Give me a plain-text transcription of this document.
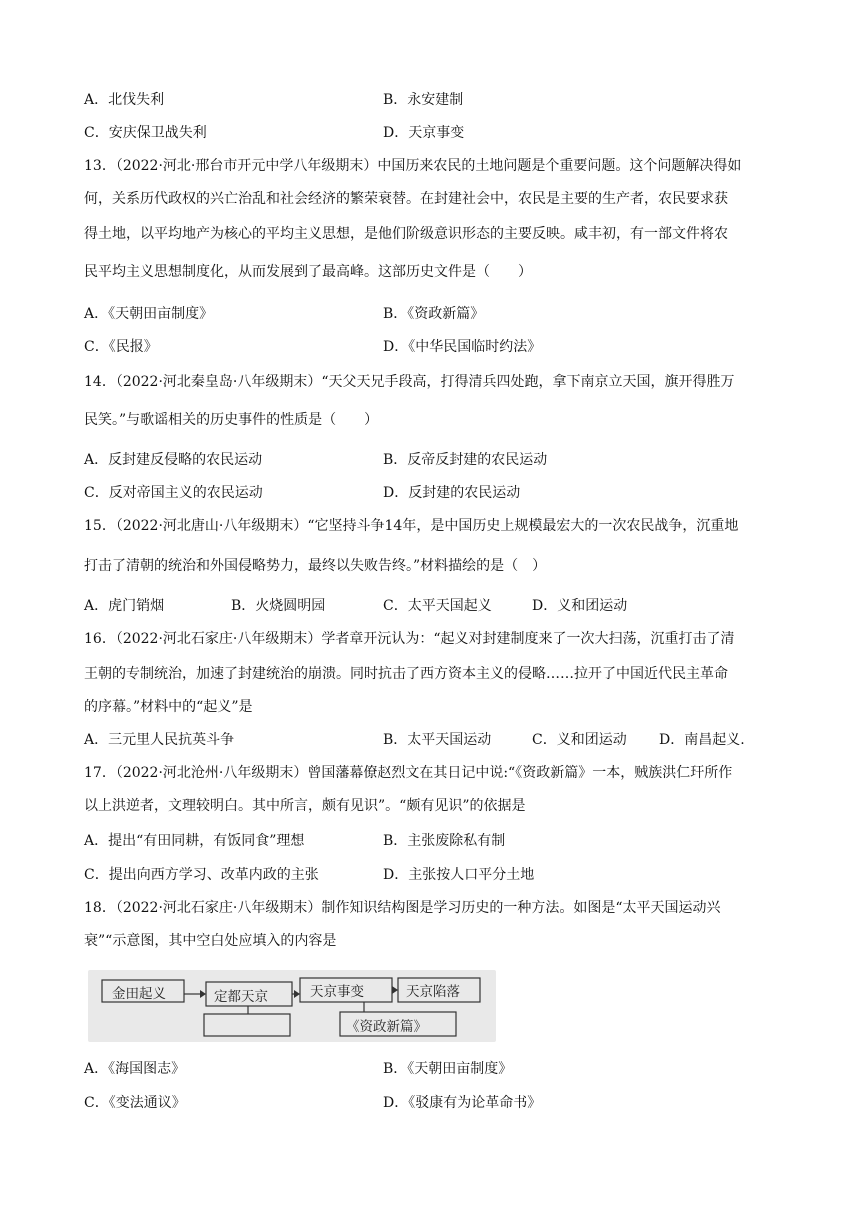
A．北伐失利	B．永安建制
C．安庆保卫战失利	D．天京事变
13．（2022·河北·邢台市开元中学八年级期末）中国历来农民的土地问题是个重要问题。这个问题解决得如
何，关系历代政权的兴亡治乱和社会经济的繁荣衰替。在封建社会中，农民是主要的生产者，农民要求获
得土地，以平均地产为核心的平均主义思想，是他们阶级意识形态的主要反映。咸丰初，有一部文件将农
民平均主义思想制度化，从而发展到了最高峰。这部历史文件是（　　）
A．《天朝田亩制度》	B．《资政新篇》
C．《民报》	D．《中华民国临时约法》
14．（2022·河北秦皇岛·八年级期末）“天父天兄手段高，打得清兵四处跑，拿下南京立天国，旗开得胜万
民笑。”与歌谣相关的历史事件的性质是（　　）
A．反封建反侵略的农民运动	B．反帝反封建的农民运动
C．反对帝国主义的农民运动	D．反封建的农民运动
15．（2022·河北唐山·八年级期末）“它坚持斗争14年，是中国历史上规模最宏大的一次农民战争，沉重地
打击了清朝的统治和外国侵略势力，最终以失败告终。”材料描绘的是（　）
A．虎门销烟	B．火烧圆明园	C．太平天国起义	D．义和团运动
16．（2022·河北石家庄·八年级期末）学者章开沅认为：“起义对封建制度来了一次大扫荡，沉重打击了清
王朝的专制统治，加速了封建统治的崩溃。同时抗击了西方资本主义的侵略……拉开了中国近代民主革命
的序幕。”材料中的“起义”是
A．三元里人民抗英斗争	B．太平天国运动	C．义和团运动 D．南昌起义.
17．（2022·河北沧州·八年级期末）曾国藩幕僚赵烈文在其日记中说:“《资政新篇》一本，贼族洪仁玕所作
以上洪逆者，文理较明白。其中所言，颇有见识”。“颇有见识”的依据是
A．提出“有田同耕，有饭同食”理想	B．主张废除私有制
C．提出向西方学习、改革内政的主张	D．主张按人口平分土地
18．（2022·河北石家庄·八年级期末）制作知识结构图是学习历史的一种方法。如图是“太平天国运动兴
衰”“示意图，其中空白处应填入的内容是
金田起义	定都天京	天京事变	天京陷落
《资政新篇》
A．《海国图志》	B．《天朝田亩制度》
C．《变法通议》	D．《驳康有为论革命书》
